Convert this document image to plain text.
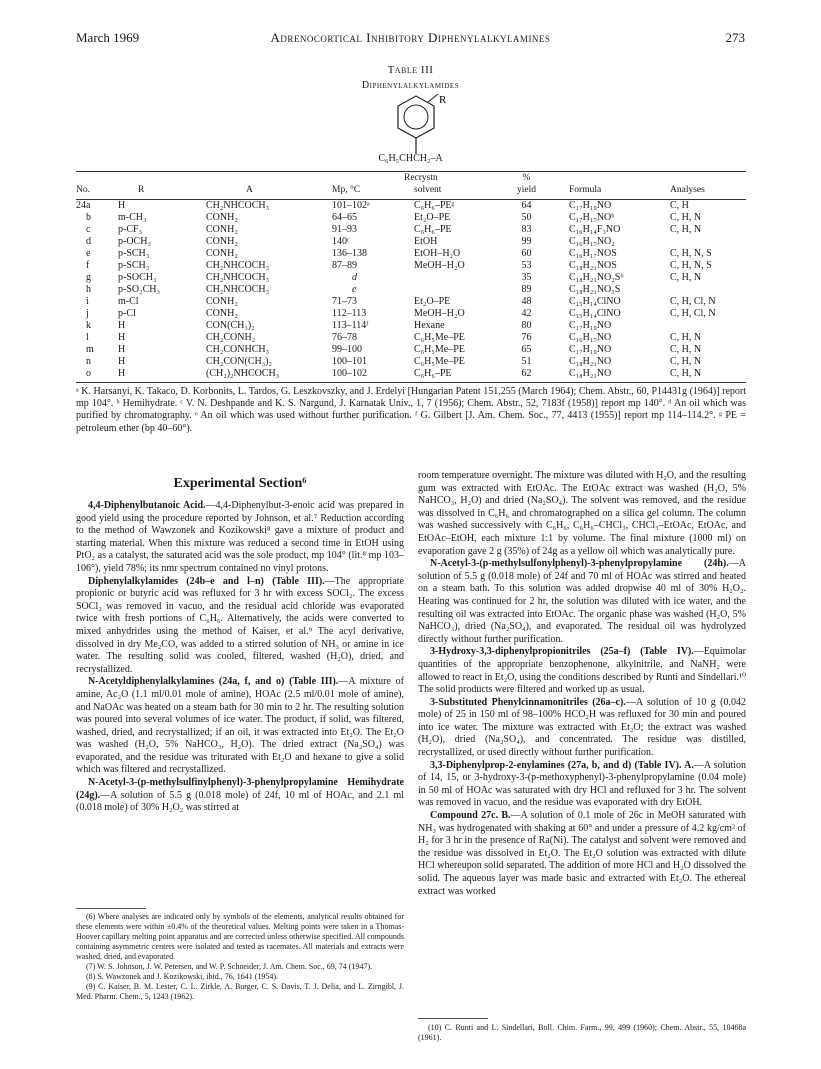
March 1969	Adrenocortical Inhibitory Diphenylalkylamines	273
Table III
Diphenylalkylamides
R
C₆H₅CHCH₂–A
				Recrystn	%		
No.	R	A	Mp, °C	solvent	yield	Formula	Analyses

24a	H	CH₂NHCOCH₃	101–102ᵃ	C₆H₆–PEᵍ	64	C₁₇H₁₉NO	C, H
b	m-CH₃	CONH₂	64–65	Et₂O–PE	50	C₁₇H₁₇NOᵇ	C, H, N
c	p-CF₃	CONH₂	91–93	C₆H₆–PE	83	C₁₆H₁₄F₃NO	C, H, N
d	p-OCH₃	CONH₂	140ᶜ	EtOH	99	C₁₆H₁₇NO₂	
e	p-SCH₃	CONH₂	136–138	EtOH–H₂O	60	C₁₆H₁₇NOS	C, H, N, S
f	p-SCH₃	CH₂NHCOCH₃	87–89	MeOH–H₂O	53	C₁₈H₂₁NOS	C, H, N, S
g	p-SOCH₃	CH₂NHCOCH₃	d		35	C₁₈H₂₁NO₂Sᵇ	C, H, N
h	p-SO₂CH₃	CH₂NHCOCH₃	e		89	C₁₈H₂₁NO₃S	
i	m-Cl	CONH₂	71–73	Et₂O–PE	48	C₁₅H₁₄ClNO	C, H, Cl, N
j	p-Cl	CONH₂	112–113	MeOH–H₂O	42	C₁₅H₁₄ClNO	C, H, Cl, N
k	H	CON(CH₃)₂	113–114ᶠ	Hexane	80	C₁₇H₁₉NO	
l	H	CH₂CONH₂	76–78	C₆H₅Me–PE	76	C₁₆H₁₇NO	C, H, N
m	H	CH₂CONHCH₃	99–100	C₆H₅Me–PE	65	C₁₇H₁₉NO	C, H, N
n	H	CH₂CON(CH₃)₂	100–101	C₆H₅Me–PE	51	C₁₈H₂₁NO	C, H, N
o	H	(CH₂)₂NHCOCH₃	100–102	C₆H₆–PE	62	C₁₈H₂₁NO	C, H, N
ᵃ K. Harsanyi, K. Takaco, D. Korbonits, L. Tardos, G. Leszkovszky, and J. Erdelyi [Hungarian Patent 151,255 (March 1964); Chem. Abstr., 60, P14431g (1964)] report mp 104°. ᵇ Hemihydrate. ᶜ V. N. Deshpande and K. S. Nargund, J. Karnatak Univ., 1, 7 (1956); Chem. Abstr., 52, 7183f (1958)] report mp 140°. ᵈ An oil which was purified by chromatography. ᵉ An oil which was used without further purification. ᶠ G. Gilbert [J. Am. Chem. Soc., 77, 4413 (1955)] report mp 114–114.2°. ᵍ PE = petroleum ether (bp 40–60°).
Experimental Section⁶

4,4-Diphenylbutanoic Acid.—4,4-Diphenylbut-3-enoic acid was prepared in good yield using the procedure reported by Johnson, et al.⁷ Reduction according to the method of Wawzonek and Kozikowski⁸ gave a mixture of product and starting material. When this mixture was reduced a second time in EtOH using PtO₂ as a catalyst, the saturated acid was the sole product, mp 104° (lit.⁸ mp 103–106°), yield 78%; its nmr spectrum contained no vinyl protons.

Diphenylalkylamides (24b–e and l–n) (Table III).—The appropriate propionic or butyric acid was refluxed for 3 hr with excess SOCl₂. The excess SOCl₂ was removed in vacuo, and the residual acid chloride was evaporated twice with fresh portions of C₆H₆. Alternatively, the acids were converted to mixed anhydrides using the method of Kaiser, et al.⁹ The acyl derivative, dissolved in dry Me₂CO, was added to a stirred solution of NH₃ or amine in ice water. The resulting solid was cooled, filtered, washed (H₂O), dried, and recrystallized.

N-Acetyldiphenylalkylamines (24a, f, and o) (Table III).—A mixture of amine, Ac₂O (1.1 ml/0.01 mole of amine), HOAc (2.5 ml/0.01 mole of amine), and NaOAc was heated on a steam bath for 30 min to 2 hr. The resulting solution was poured into several volumes of ice water. The product, if solid, was filtered, washed, dried, and recrystallized; if an oil, it was extracted into Et₂O. The Et₂O was washed (H₂O, 5% NaHCO₃, H₂O). The dried extract (Na₂SO₄) was evaporated, and the residue was triturated with Et₂O and hexane to give a solid which was filtered and recrystallized.

N-Acetyl-3-(p-methylsulfinylphenyl)-3-phenylpropylamine Hemihydrate (24g).—A solution of 5.5 g (0.018 mole) of 24f, 10 ml of HOAc, and 2.1 ml (0.018 mole) of 30% H₂O₂ was stirred at

room temperature overnight. The mixture was diluted with H₂O, and the resulting gum was extracted with EtOAc. The EtOAc extract was washed (H₂O, 5% NaHCO₃, H₂O) and dried (Na₂SO₄). The solvent was removed, and the residue was dissolved in C₆H₆ and chromatographed on a silica gel column. The column was washed successively with C₆H₆, C₆H₆–CHCl₃, CHCl₃–EtOAc, EtOAc, and EtOAc–EtOH, each mixture 1:1 by volume. The final mixture (1000 ml) on evaporation gave 2 g (35%) of 24g as a yellow oil which was analytically pure.

N-Acetyl-3-(p-methylsulfonylphenyl)-3-phenylpropylamine (24h).—A solution of 5.5 g (0.018 mole) of 24f and 70 ml of HOAc was stirred and heated on a steam bath. To this solution was added dropwise 40 ml of 30% H₂O₂. Heating was continued for 2 hr, the solution was diluted with ice water, and the resulting oil was extracted into EtOAc. The organic phase was washed (H₂O, 5% NaHCO₃), dried (Na₂SO₄), and evaporated. The residual oil was hydrolyzed directly without further purification.

3-Hydroxy-3,3-diphenylpropionitriles (25a–f) (Table IV).—Equimolar quantities of the appropriate benzophenone, alkylnitrile, and NaNH₂ were allowed to react in Et₂O, using the conditions described by Runti and Sindellari.¹⁰ The solid products were filtered and worked up as usual.

3-Substituted Phenylcinnamonitriles (26a–c).—A solution of 10 g (0.042 mole) of 25 in 150 ml of 98–100% HCO₂H was refluxed for 30 min and poured into ice water. The mixture was extracted with Et₂O; the extract was washed (H₂O), dried (Na₂SO₄), and concentrated. The residue was distilled, recrystallized, or used directly without further purification.

3,3-Diphenylprop-2-enylamines (27a, b, and d) (Table IV). A.—A solution of 14, 15, or 3-hydroxy-3-(p-methoxyphenyl)-3-phenylpropylamine (0.04 mole) in 50 ml of HOAc was saturated with dry HCl and refluxed for 3 hr. The solvent was removed in vacuo, and the residue was evaporated with dry EtOH.

Compound 27c. B.—A solution of 0.1 mole of 26c in MeOH saturated with NH₃ was hydrogenated with shaking at 60° and under a pressure of 4.2 kg/cm² of H₂ for 3 hr in the presence of Ra(Ni). The catalyst and solvent were removed and the residue was dissolved in Et₂O. The Et₂O solution was extracted with dilute HCl whereupon solid separated. The addition of more HCl and H₂O dissolved the solid. The aqueous layer was made basic and extracted with Et₂O. The ethereal extract was worked

(6) Where analyses are indicated only by symbols of the elements, analytical results obtained for these elements were within ±0.4% of the theoretical values. Melting points were taken in a Thomas-Hoover capillary melting point apparatus and are corrected unless otherwise specified. All compounds containing asymmetric centers were isolated and tested as racemates. All materials and extracts were washed, dried, and evaporated.
(7) W. S. Johnson, J. W. Petersen, and W. P. Schneider, J. Am. Chem. Soc., 69, 74 (1947).
(8) S. Wawzonek and J. Kozikowski, ibid., 76, 1641 (1954).
(9) C. Kaiser, B. M. Lester, C. L. Zirkle, A. Burger, C. S. Davis, T. J. Delia, and L. Zirngibl, J. Med. Pharm. Chem., 5, 1243 (1962).
(10) C. Runti and L. Sindellari, Boll. Chim. Farm., 99, 499 (1960); Chem. Abstr., 55, 10468a (1961).
